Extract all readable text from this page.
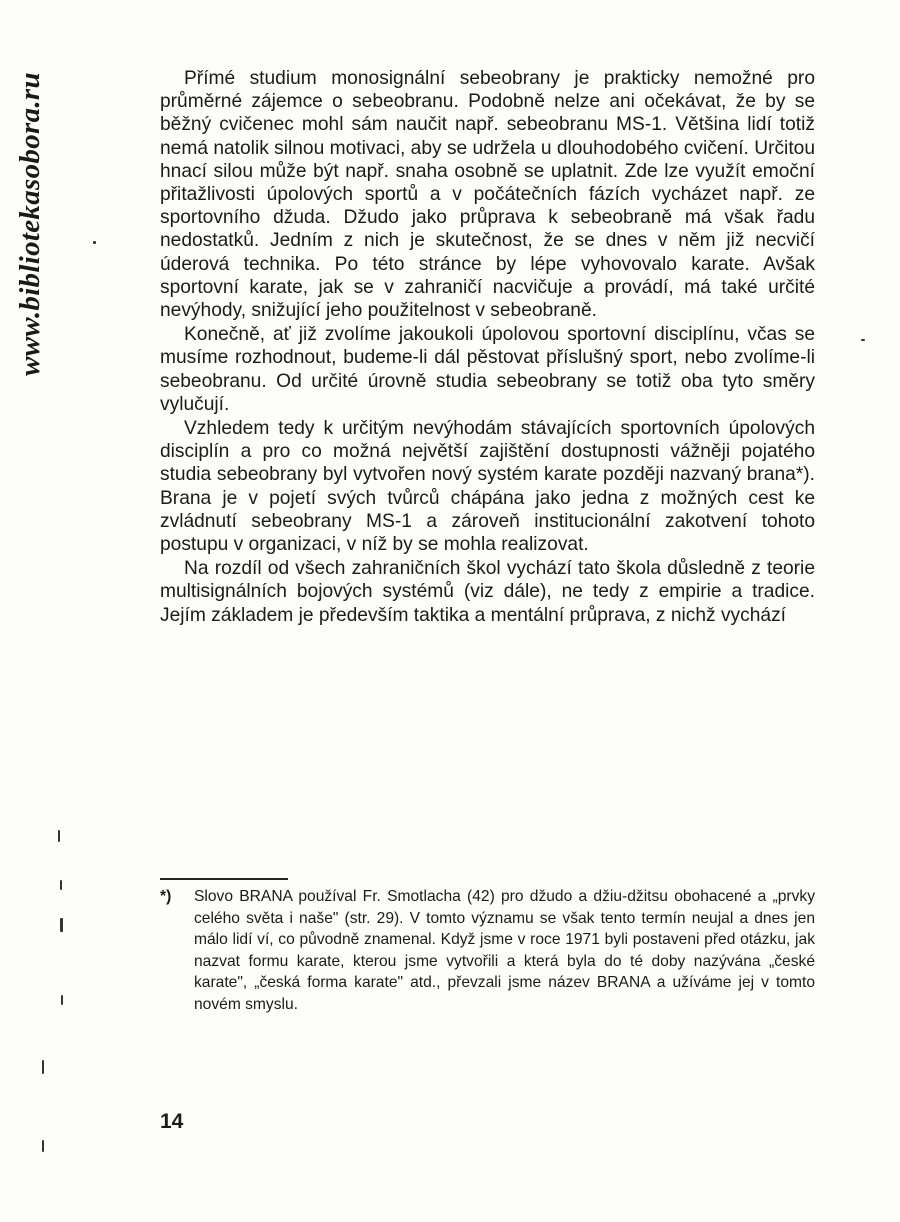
www.bibliotekasobora.ru	Přímé studium monosignální sebeobrany je prakticky nemožné pro průměrné zájemce o sebeobranu. Podobně nelze ani očekávat, že by se běžný cvičenec mohl sám naučit např. sebeobranu MS-1. Většina lidí totiž nemá natolik silnou motivaci, aby se udržela u dlouhodobého cvičení. Určitou hnací silou může být např. snaha osobně se uplatnit. Zde lze využít emoční přitažlivosti úpolových sportů a v počátečních fázích vycházet např. ze sportovního džuda. Džudo jako průprava k sebeobraně má však řadu nedostatků. Jedním z nich je skutečnost, že se dnes v něm již necvičí úderová technika. Po této stránce by lépe vyhovovalo karate. Avšak sportovní karate, jak se v zahraničí nacvičuje a provádí, má také určité nevýhody, snižující jeho použitelnost v sebeobraně.

Konečně, ať již zvolíme jakoukoli úpolovou sportovní disciplínu, včas se musíme rozhodnout, budeme-li dál pěstovat příslušný sport, nebo zvolíme-li sebeobranu. Od určité úrovně studia sebeobrany se totiž oba tyto směry vylučují.

Vzhledem tedy k určitým nevýhodám stávajících sportovních úpolových disciplín a pro co možná největší zajištění dostupnosti vážněji pojatého studia sebeobrany byl vytvořen nový systém karate později nazvaný brana*). Brana je v pojetí svých tvůrců chápána jako jedna z možných cest ke zvládnutí sebeobrany MS-1 a zároveň institucionální zakotvení tohoto postupu v organizaci, v níž by se mohla realizovat.

Na rozdíl od všech zahraničních škol vychází tato škola důsledně z teorie multisignálních bojových systémů (viz dále), ne tedy z empirie a tradice. Jejím základem je především taktika a mentální průprava, z nichž vychází

*) Slovo BRANA používal Fr. Smotlacha (42) pro džudo a džiu-džitsu obohacené a „prvky celého světa i naše" (str. 29). V tomto významu se však tento termín neujal a dnes jen málo lidí ví, co původně znamenal. Když jsme v roce 1971 byli postaveni před otázku, jak nazvat formu karate, kterou jsme vytvořili a která byla do té doby nazývána „české karate", „česká forma karate" atd., převzali jsme název BRANA a užíváme jej v tomto novém smyslu.
14
